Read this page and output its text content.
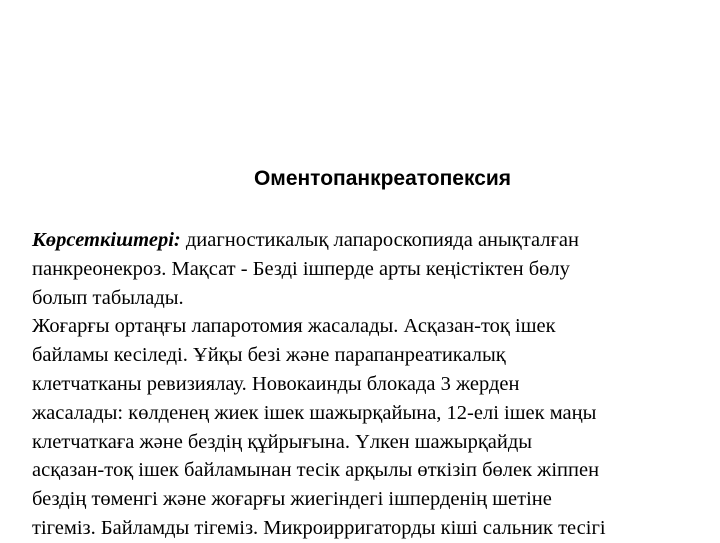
Оментопанкреатопексия
Көрсеткіштері: диагностикалық лапароскопияда анықталған
панкреонекроз. Мақсат - Безді ішперде арты кеңістіктен бөлу
болып табылады.
Жоғарғы ортаңғы лапаротомия жасалады. Асқазан-тоқ ішек
байламы кесіледі. Ұйқы безі және парапанреатикалық
клетчатканы ревизиялау. Новокаинды блокада 3 жерден
жасалады: көлденең жиек ішек шажырқайына, 12-елі ішек маңы
клетчаткаға және бездің құйрығына. Үлкен шажырқайды
асқазан-тоқ ішек байламынан тесік арқылы өткізіп бөлек жіппен
бездің төменгі және жоғарғы жиегіндегі ішперденің шетіне
тігеміз. Байламды тігеміз. Микроирригаторды кіші сальник тесігі
